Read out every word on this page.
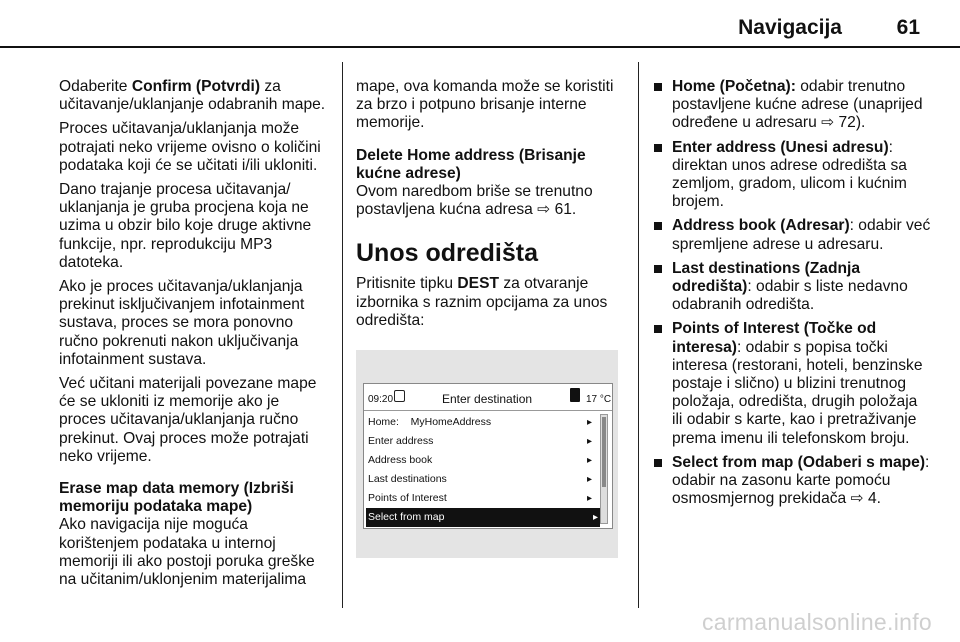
Navigacija	61

Odaberite Confirm (Potvrdi) za učitavanje/uklanjanje odabranih mape.

Proces učitavanja/uklanjanja može potrajati neko vrijeme ovisno o količini podataka koji će se učitati i/ili ukloniti.

Dano trajanje procesa učitavanja/ uklanjanja je gruba procjena koja ne uzima u obzir bilo koje druge aktivne funkcije, npr. reprodukciju MP3 datoteka.

Ako je proces učitavanja/uklanjanja prekinut isključivanjem infotainment sustava, proces se mora ponovno ručno pokrenuti nakon uključivanja infotainment sustava.

Već učitani materijali povezane mape će se ukloniti iz memorije ako je proces učitavanja/uklanjanja ručno prekinut. Ovaj proces može potrajati neko vrijeme.

Erase map data memory (Izbriši memoriju podataka mape)

Ako navigacija nije moguća korištenjem podataka u internoj memoriji ili ako postoji poruka greške na učitanim/uklonjenim materijalima

mape, ova komanda može se koristiti za brzo i potpuno brisanje interne memorije.

Delete Home address (Brisanje kućne adrese)

Ovom naredbom briše se trenutno postavljena kućna adresa ⇨ 61.

Unos odredišta

Pritisnite tipku DEST za otvaranje izbornika s raznim opcijama za unos odredišta:

09:20	Enter destination	17 °C
Home: MyHomeAddress	▸
Enter address	▸
Address book	▸
Last destinations	▸
Points of Interest	▸
Select from map	▸
Home (Početna): odabir trenutno postavljene kućne adrese (unaprijed određene u adresaru ⇨ 72).
Enter address (Unesi adresu): direktan unos adrese odredišta sa zemljom, gradom, ulicom i kućnim brojem.
Address book (Adresar): odabir već spremljene adrese u adresaru.
Last destinations (Zadnja odredišta): odabir s liste nedavno odabranih odredišta.
Points of Interest (Točke od interesa): odabir s popisa točki interesa (restorani, hoteli, benzinske postaje i slično) u blizini trenutnog položaja, odredišta, drugih položaja ili odabir s karte, kao i pretraživanje prema imenu ili telefonskom broju.
Select from map (Odaberi s mape): odabir na zasonu karte pomoću osmosmjernog prekidača ⇨ 4.
carmanualsonline.info
